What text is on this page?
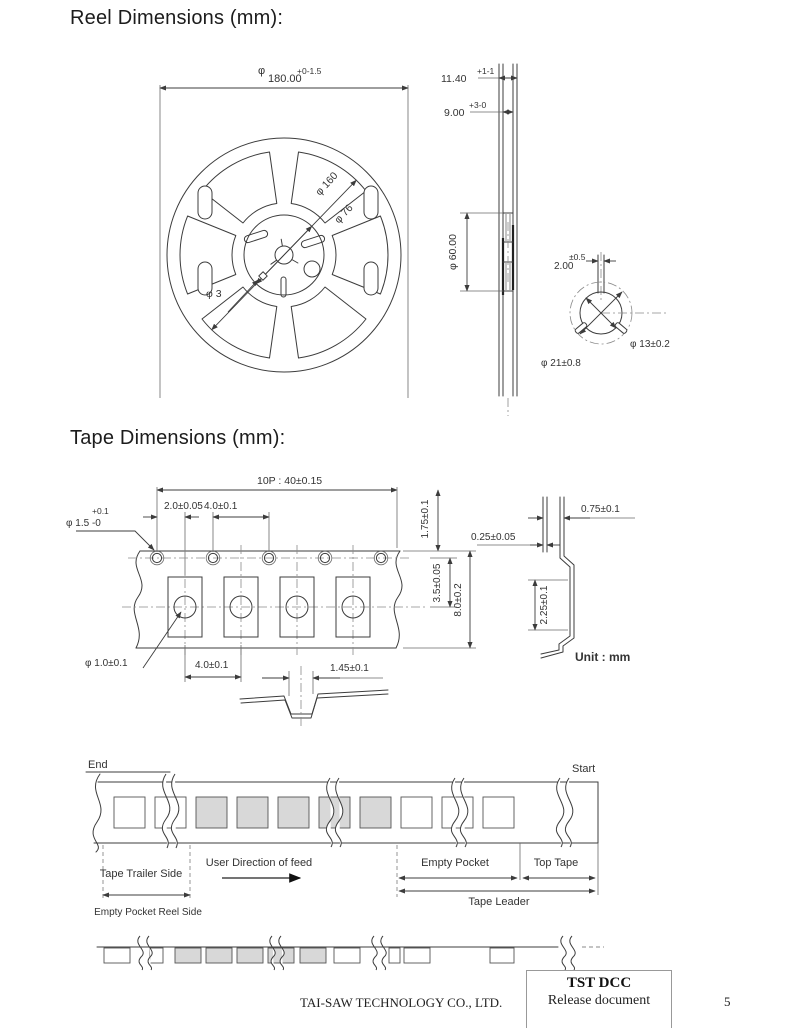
Reel Dimensions (mm):
Tape Dimensions (mm):
φ
180.00
+0-1.5
φ 160
φ 76
φ 3
11.40
+1-1
9.00
+3-0
φ 60.00	2.00
±0.5
φ 13±0.2
φ 21±0.8
10P : 40±0.15
2.0±0.05 4.0±0.1
+0.1
φ 1.5 -0
φ 1.0±0.1	4.0±0.1
1.75±0.1
3.5±0.05 8.0±0.2
0.75±0.1
0.25±0.05
2.25±0.1
Unit : mm
1.45±0.1
End	Start
Tape Trailer Side
Empty Pocket Reel Side
User Direction of feed	Empty Pocket	Top Tape
Tape Leader
TAI-SAW TECHNOLOGY CO., LTD.
TST DCC
Release document	5
